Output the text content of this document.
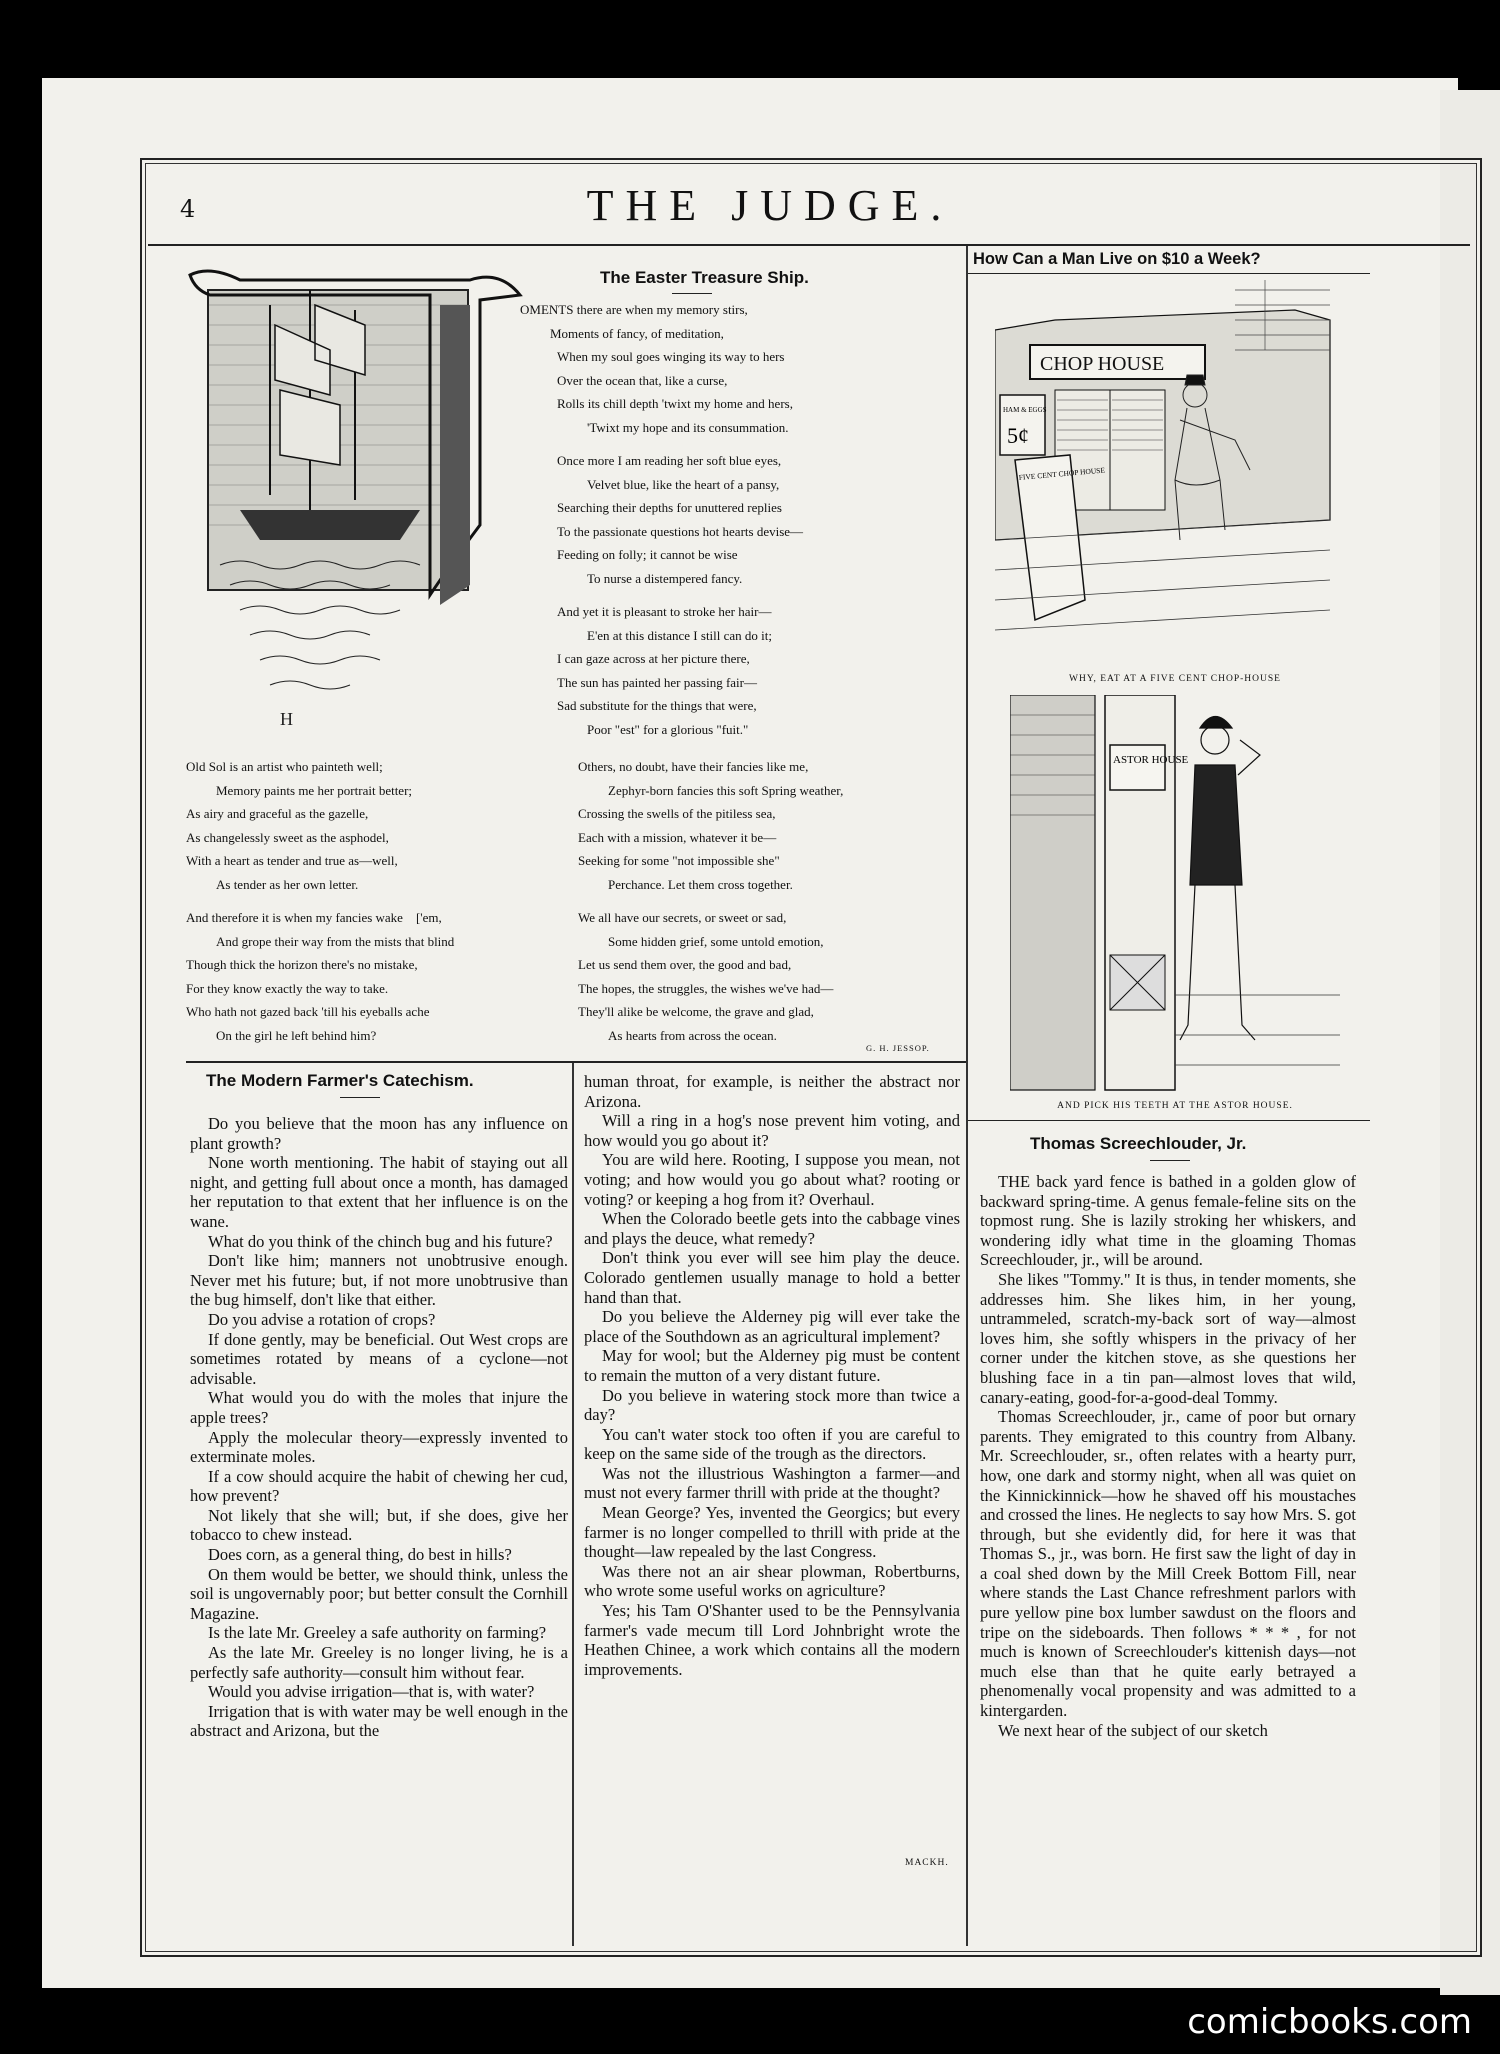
4	THE JUDGE.
H
The Easter Treasure Ship.
OMENTS there are when my memory stirs,
Moments of fancy, of meditation,
When my soul goes winging its way to hers
Over the ocean that, like a curse,
Rolls its chill depth 'twixt my home and hers,
'Twixt my hope and its consummation.
Once more I am reading her soft blue eyes,
Velvet blue, like the heart of a pansy,
Searching their depths for unuttered replies
To the passionate questions hot hearts devise—
Feeding on folly; it cannot be wise
To nurse a distempered fancy.
And yet it is pleasant to stroke her hair—
E'en at this distance I still can do it;
I can gaze across at her picture there,
The sun has painted her passing fair—
Sad substitute for the things that were,
Poor "est" for a glorious "fuit."
Old Sol is an artist who painteth well;
Memory paints me her portrait better;
As airy and graceful as the gazelle,
As changelessly sweet as the asphodel,
With a heart as tender and true as—well,
As tender as her own letter.
And therefore it is when my fancies wake    ['em,
And grope their way from the mists that blind
Though thick the horizon there's no mistake,
For they know exactly the way to take.
Who hath not gazed back 'till his eyeballs ache
On the girl he left behind him?
Others, no doubt, have their fancies like me,
Zephyr-born fancies this soft Spring weather,
Crossing the swells of the pitiless sea,
Each with a mission, whatever it be—
Seeking for some "not impossible she"
Perchance. Let them cross together.
We all have our secrets, or sweet or sad,
Some hidden grief, some untold emotion,
Let us send them over, the good and bad,
The hopes, the struggles, the wishes we've had—
They'll alike be welcome, the grave and glad,
As hearts from across the ocean.
G. H. JESSOP.
How Can a Man Live on $10 a Week?
CHOP HOUSE
HAM & EGGS
5¢
FIVE CENT CHOP HOUSE
WHY, EAT AT A FIVE CENT CHOP-HOUSE
ASTOR HOUSE
AND PICK HIS TEETH AT THE ASTOR HOUSE.
The Modern Farmer's Catechism.

Do you believe that the moon has any influence on plant growth?

None worth mentioning. The habit of staying out all night, and getting full about once a month, has damaged her reputation to that extent that her influence is on the wane.

What do you think of the chinch bug and his future?

Don't like him; manners not unobtrusive enough. Never met his future; but, if not more unobtrusive than the bug himself, don't like that either.

Do you advise a rotation of crops?

If done gently, may be beneficial. Out West crops are sometimes rotated by means of a cyclone—not advisable.

What would you do with the moles that injure the apple trees?

Apply the molecular theory—expressly invented to exterminate moles.

If a cow should acquire the habit of chewing her cud, how prevent?

Not likely that she will; but, if she does, give her tobacco to chew instead.

Does corn, as a general thing, do best in hills?

On them would be better, we should think, unless the soil is ungovernably poor; but better consult the Cornhill Magazine.

Is the late Mr. Greeley a safe authority on farming?

As the late Mr. Greeley is no longer living, he is a perfectly safe authority—consult him without fear.

Would you advise irrigation—that is, with water?

Irrigation that is with water may be well enough in the abstract and Arizona, but the

human throat, for example, is neither the abstract nor Arizona.

Will a ring in a hog's nose prevent him voting, and how would you go about it?

You are wild here. Rooting, I suppose you mean, not voting; and how would you go about what? rooting or voting? or keeping a hog from it? Overhaul.

When the Colorado beetle gets into the cabbage vines and plays the deuce, what remedy?

Don't think you ever will see him play the deuce. Colorado gentlemen usually manage to hold a better hand than that.

Do you believe the Alderney pig will ever take the place of the Southdown as an agricultural implement?

May for wool; but the Alderney pig must be content to remain the mutton of a very distant future.

Do you believe in watering stock more than twice a day?

You can't water stock too often if you are careful to keep on the same side of the trough as the directors.

Was not the illustrious Washington a farmer—and must not every farmer thrill with pride at the thought?

Mean George? Yes, invented the Georgics; but every farmer is no longer compelled to thrill with pride at the thought—law repealed by the last Congress.

Was there not an air shear plowman, Robertburns, who wrote some useful works on agriculture?

Yes; his Tam O'Shanter used to be the Pennsylvania farmer's vade mecum till Lord Johnbright wrote the Heathen Chinee, a work which contains all the modern improvements.

MACKH.
Thomas Screechlouder, Jr.

THE back yard fence is bathed in a golden glow of backward spring-time. A genus female-feline sits on the topmost rung. She is lazily stroking her whiskers, and wondering idly what time in the gloaming Thomas Screechlouder, jr., will be around.

She likes "Tommy." It is thus, in tender moments, she addresses him. She likes him, in her young, untrammeled, scratch-my-back sort of way—almost loves him, she softly whispers in the privacy of her corner under the kitchen stove, as she questions her blushing face in a tin pan—almost loves that wild, canary-eating, good-for-a-good-deal Tommy.

Thomas Screechlouder, jr., came of poor but ornary parents. They emigrated to this country from Albany. Mr. Screechlouder, sr., often relates with a hearty purr, how, one dark and stormy night, when all was quiet on the Kinnickinnick—how he shaved off his moustaches and crossed the lines. He neglects to say how Mrs. S. got through, but she evidently did, for here it was that Thomas S., jr., was born. He first saw the light of day in a coal shed down by the Mill Creek Bottom Fill, near where stands the Last Chance refreshment parlors with pure yellow pine box lumber sawdust on the floors and tripe on the sideboards. Then follows * * * , for not much is known of Screechlouder's kittenish days—not much else than that he quite early betrayed a phenomenally vocal propensity and was admitted to a kintergarden.

We next hear of the subject of our sketch

comicbooks.com
